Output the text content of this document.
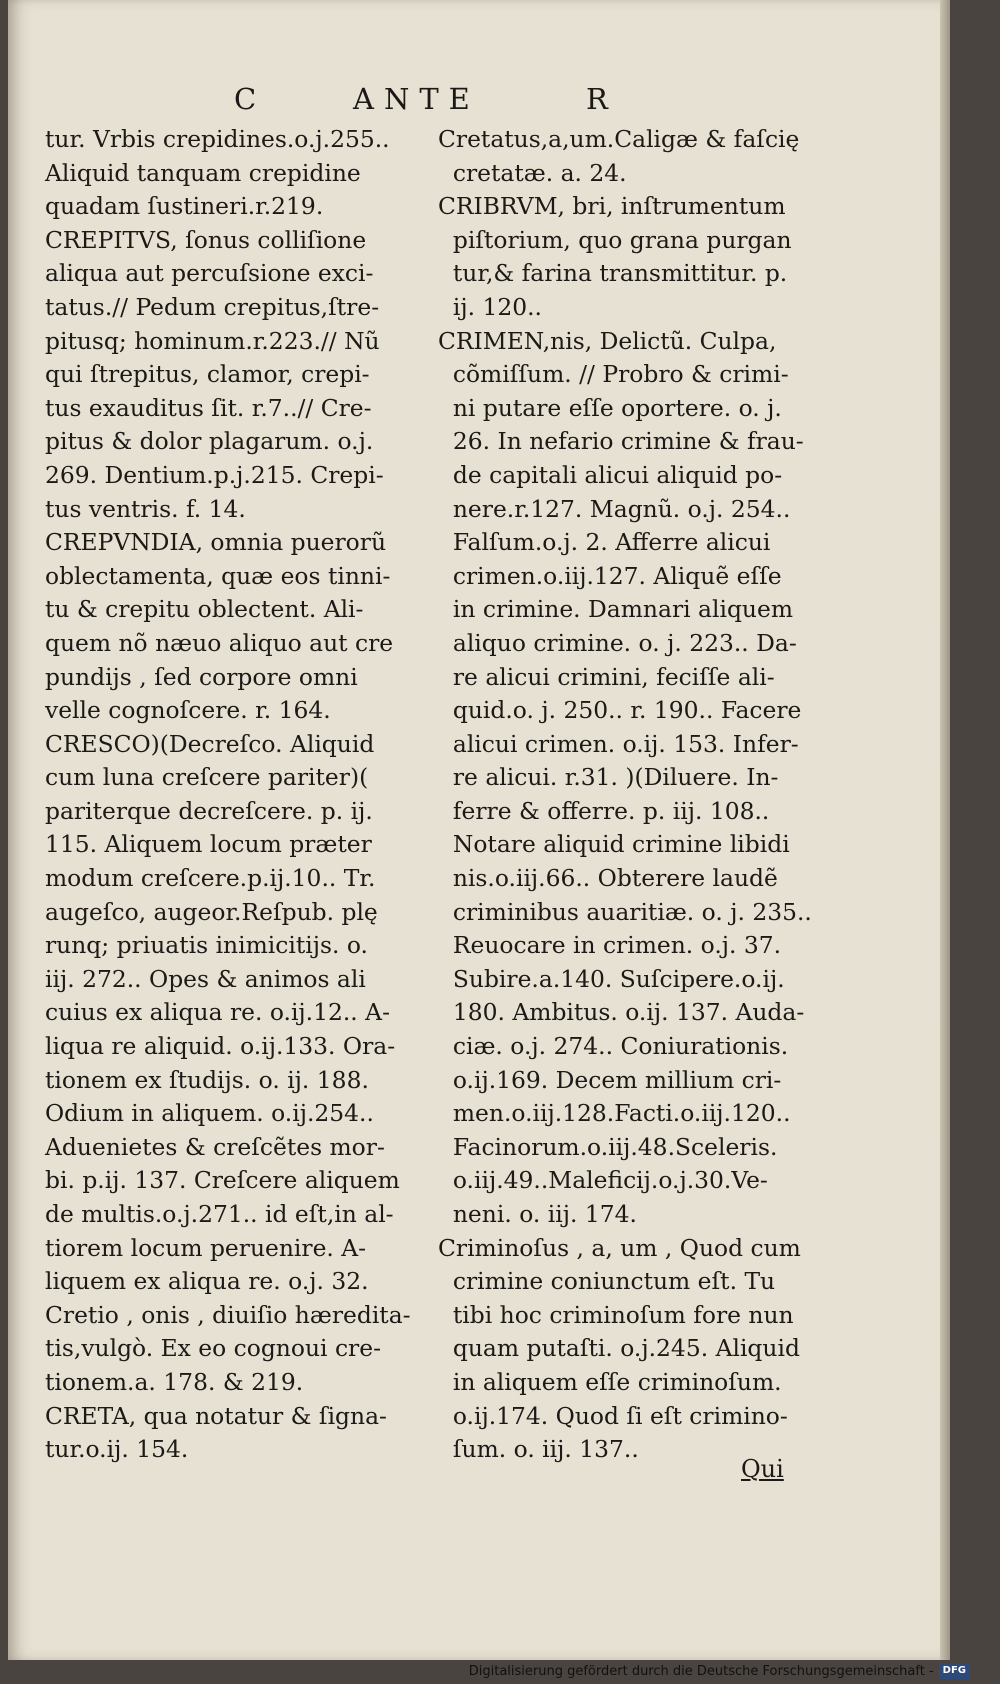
C	ANTE	R
tur. Vrbis crepidines.o.j.255..
Aliquid tanquam crepidine
quadam ſustineri.r.219.
CREPITVS, ſonus colliſione
aliqua aut percuſsione exci-
tatus.// Pedum crepitus,ſtre-
pitusq; hominum.r.223.// Nũ
qui ſtrepitus, clamor, crepi-
tus exauditus ſit. r.7..// Cre-
pitus & dolor plagarum. o.j.
269. Dentium.p.j.215. Crepi-
tus ventris. f. 14.
CREPVNDIA, omnia puerorũ
oblectamenta, quæ eos tinni-
tu & crepitu oblectent. Ali-
quem nõ næuo aliquo aut cre
pundijs , ſed corpore omni
velle cognoſcere. r. 164.
CRESCO)(Decreſco. Aliquid
cum luna creſcere pariter)(
pariterque decreſcere. p. ij.
115. Aliquem locum præter
modum creſcere.p.ij.10.. Tr.
augeſco, augeor.Reſpub. plę
runq; priuatis inimicitijs. o.
iij. 272.. Opes & animos ali
cuius ex aliqua re. o.ij.12.. A-
liqua re aliquid. o.ij.133. Ora-
tionem ex ſtudijs. o. ij. 188.
Odium in aliquem. o.ij.254..
Aduenietes & creſcẽtes mor-
bi. p.ij. 137. Creſcere aliquem
de multis.o.j.271.. id eſt,in al-
tiorem locum peruenire. A-
liquem ex aliqua re. o.j. 32.
Cretio , onis , diuiſio hæredita-
tis,vulgò. Ex eo cognoui cre-
tionem.a. 178. & 219.
CRETA, qua notatur & ſigna-
tur.o.ij. 154.
Cretatus,a,um.Caligæ & faſcię
cretatæ. a. 24.
CRIBRVM, bri, inſtrumentum
piſtorium, quo grana purgan
tur,& farina transmittitur. p.
ij. 120..
CRIMEN,nis, Delictũ. Culpa,
cõmiſſum. // Probro & crimi-
ni putare eſſe oportere. o. j.
26. In nefario crimine & frau-
de capitali alicui aliquid po-
nere.r.127. Magnũ. o.j. 254..
Falſum.o.j. 2. Afferre alicui
crimen.o.iij.127. Aliquẽ eſſe
in crimine. Damnari aliquem
aliquo crimine. o. j. 223.. Da-
re alicui crimini, feciſſe ali-
quid.o. j. 250.. r. 190.. Facere
alicui crimen. o.ij. 153. Infer-
re alicui. r.31. )(Diluere. In-
ferre & offerre. p. iij. 108..
Notare aliquid crimine libidi
nis.o.iij.66.. Obterere laudẽ
criminibus auaritiæ. o. j. 235..
Reuocare in crimen. o.j. 37.
Subire.a.140. Suſcipere.o.ij.
180. Ambitus. o.ij. 137. Auda-
ciæ. o.j. 274.. Coniurationis.
o.ij.169. Decem millium cri-
men.o.iij.128.Facti.o.iij.120..
Facinorum.o.iij.48.Sceleris.
o.iij.49..Maleficij.o.j.30.Ve-
neni. o. iij. 174.
Criminoſus , a, um , Quod cum
crimine coniunctum eſt. Tu
tibi hoc criminoſum fore nun
quam putaſti. o.j.245. Aliquid
in aliquem eſſe criminoſum.
o.ij.174. Quod ſi eſt crimino-
ſum. o. iij. 137..
Qui
Digitalisierung gefördert durch die Deutsche Forschungsgemeinschaft - DFG
